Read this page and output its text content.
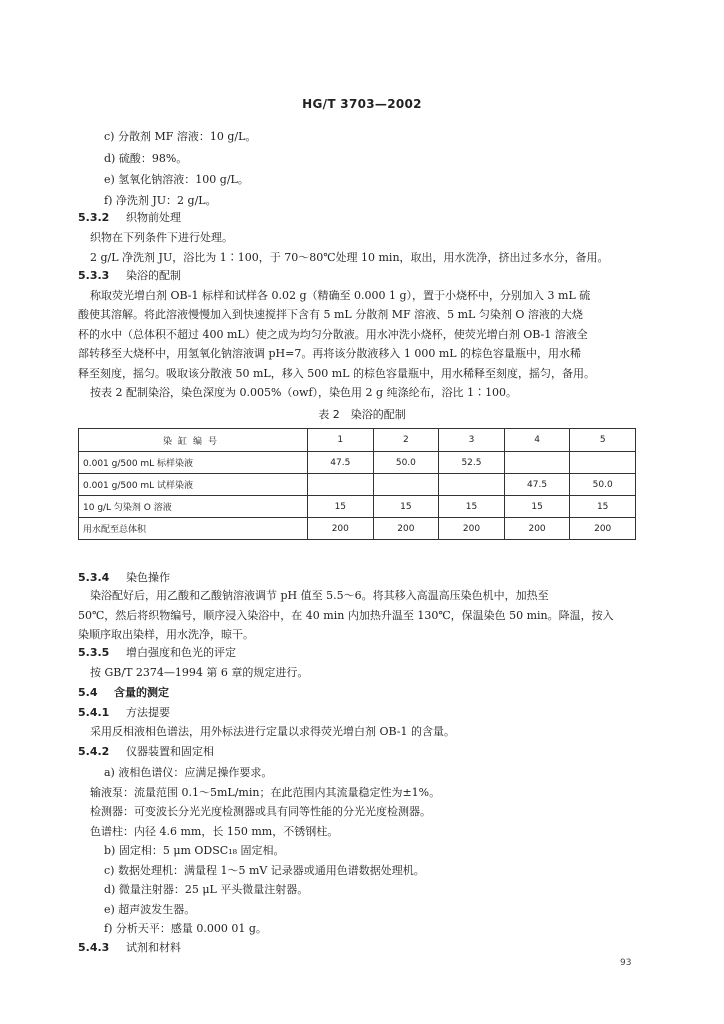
HG/T 3703—2002
c) 分散剂 MF 溶液：10 g/L。
d) 硫酸：98%。
e) 氢氧化钠溶液：100 g/L。
f) 净洗剂 JU：2 g/L。
5.3.2 织物前处理
织物在下列条件下进行处理。
2 g/L 净洗剂 JU，浴比为 1∶100，于 70～80℃处理 10 min，取出，用水洗净，挤出过多水分，备用。
5.3.3 染浴的配制
称取荧光增白剂 OB-1 标样和试样各 0.02 g（精确至 0.000 1 g），置于小烧杯中，分别加入 3 mL 硫
酸使其溶解。将此溶液慢慢加入到快速搅拌下含有 5 mL 分散剂 MF 溶液、5 mL 匀染剂 O 溶液的大烧
杯的水中（总体积不超过 400 mL）使之成为均匀分散液。用水冲洗小烧杯，使荧光增白剂 OB-1 溶液全
部转移至大烧杯中，用氢氧化钠溶液调 pH=7。再将该分散液移入 1 000 mL 的棕色容量瓶中，用水稀
释至刻度，摇匀。吸取该分散液 50 mL，移入 500 mL 的棕色容量瓶中，用水稀释至刻度，摇匀，备用。
表 2　染浴的配制
染缸编号	1	2	3	4	5
0.001 g/500 mL 标样染液	47.5	50.0	52.5		
0.001 g/500 mL 试样染液				47.5	50.0
10 g/L 匀染剂 O 溶液	15	15	15	15	15
用水配至总体积	200	200	200	200	200
5.3.4 染色操作
染浴配好后，用乙酸和乙酸钠溶液调节 pH 值至 5.5～6。将其移入高温高压染色机中，加热至
50℃，然后将织物编号，顺序浸入染浴中，在 40 min 内加热升温至 130℃，保温染色 50 min。降温，按入
染顺序取出染样，用水洗净，晾干。
5.3.5 增白强度和色光的评定
按 GB/T 2374—1994 第 6 章的规定进行。
5.4 含量的测定
5.4.1 方法提要
采用反相液相色谱法，用外标法进行定量以求得荧光增白剂 OB-1 的含量。
5.4.2 仪器装置和固定相
a) 液相色谱仪：应满足操作要求。
输液泵：流量范围 0.1～5mL/min；在此范围内其流量稳定性为±1%。
检测器：可变波长分光光度检测器或具有同等性能的分光光度检测器。
色谱柱：内径 4.6 mm，长 150 mm，不锈钢柱。
b) 固定相：5 μm ODSC₁₈ 固定相。
c) 数据处理机：满量程 1～5 mV 记录器或通用色谱数据处理机。
d) 微量注射器：25 μL 平头微量注射器。
e) 超声波发生器。
f) 分析天平：感量 0.000 01 g。
5.4.3 试剂和材料
93
按表 2 配制染浴，染色深度为 0.005%（owf），染色用 2 g 纯涤纶布，浴比 1∶100。
